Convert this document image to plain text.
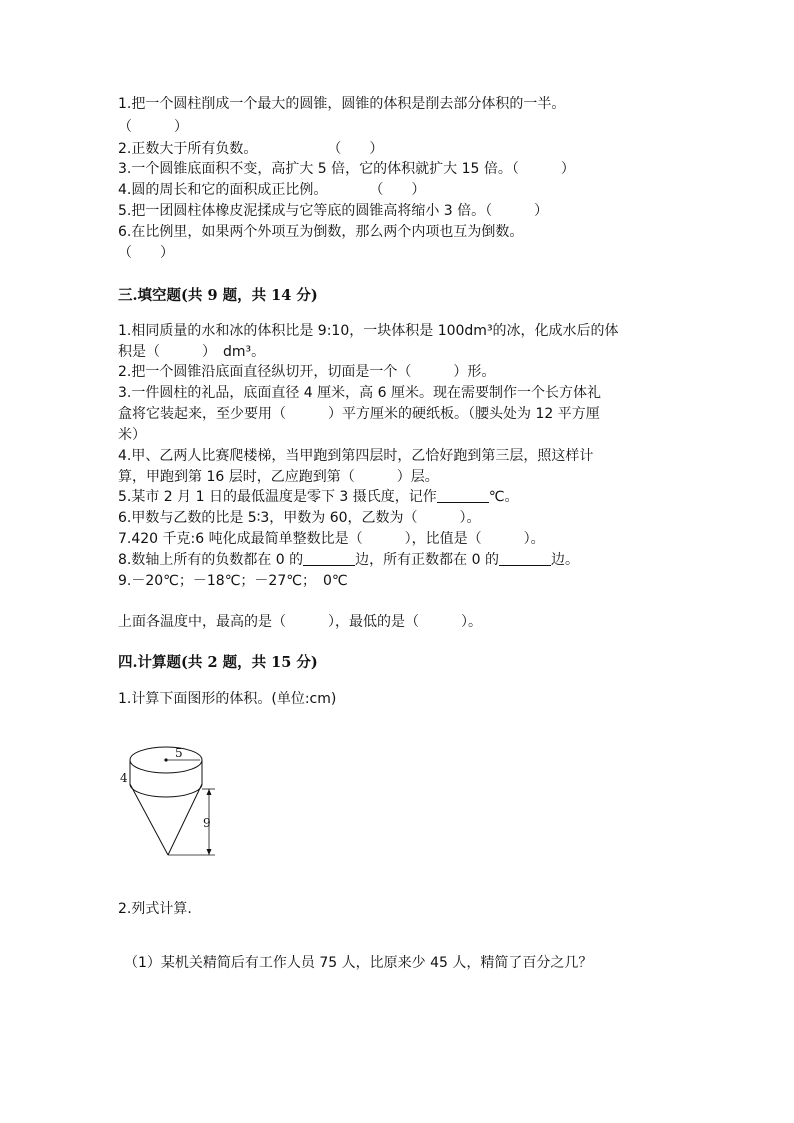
1.把一个圆柱削成一个最大的圆锥，圆锥的体积是削去部分体积的一半。
（　　　）
2.正数大于所有负数。　　　　　　（　　）
3.一个圆锥底面积不变，高扩大 5 倍，它的体积就扩大 15 倍。（　　　）
4.圆的周长和它的面积成正比例。　　　　（　　）
5.把一团圆柱体橡皮泥揉成与它等底的圆锥高将缩小 3 倍。（　　　）
6.在比例里，如果两个外项互为倒数，那么两个内项也互为倒数。
（　　）
三.填空题(共 9 题，共 14 分)
1.相同质量的水和冰的体积比是 9:10，一块体积是 100dm³的冰，化成水后的体
积是（　　　）　dm³。
2.把一个圆锥沿底面直径纵切开，切面是一个（　　　）形。
3.一件圆柱的礼品，底面直径 4 厘米，高 6 厘米。现在需要制作一个长方体礼
盒将它装起来，至少要用（　　　）平方厘米的硬纸板。（腰头处为 12 平方厘
米）
4.甲、乙两人比赛爬楼梯，当甲跑到第四层时，乙恰好跑到第三层，照这样计
算，甲跑到第 16 层时，乙应跑到第（　　　）层。
5.某市 2 月 1 日的最低温度是零下 3 摄氏度，记作	℃。
6.甲数与乙数的比是 5∶3，甲数为 60，乙数为（　　　）。
7.420 千克:6 吨化成最简单整数比是（　　　），比值是（　　　）。
8.数轴上所有的负数都在 0 的	边，所有正数都在 0 的	边。
9.－20℃；－18℃；－27℃；　0℃
上面各温度中，最高的是（　　　），最低的是（　　　）。
四.计算题(共 2 题，共 15 分)
1.计算下面图形的体积。(单位:cm)
5
4
9
2.列式计算.
（1）某机关精简后有工作人员 75 人，比原来少 45 人，精简了百分之几？
